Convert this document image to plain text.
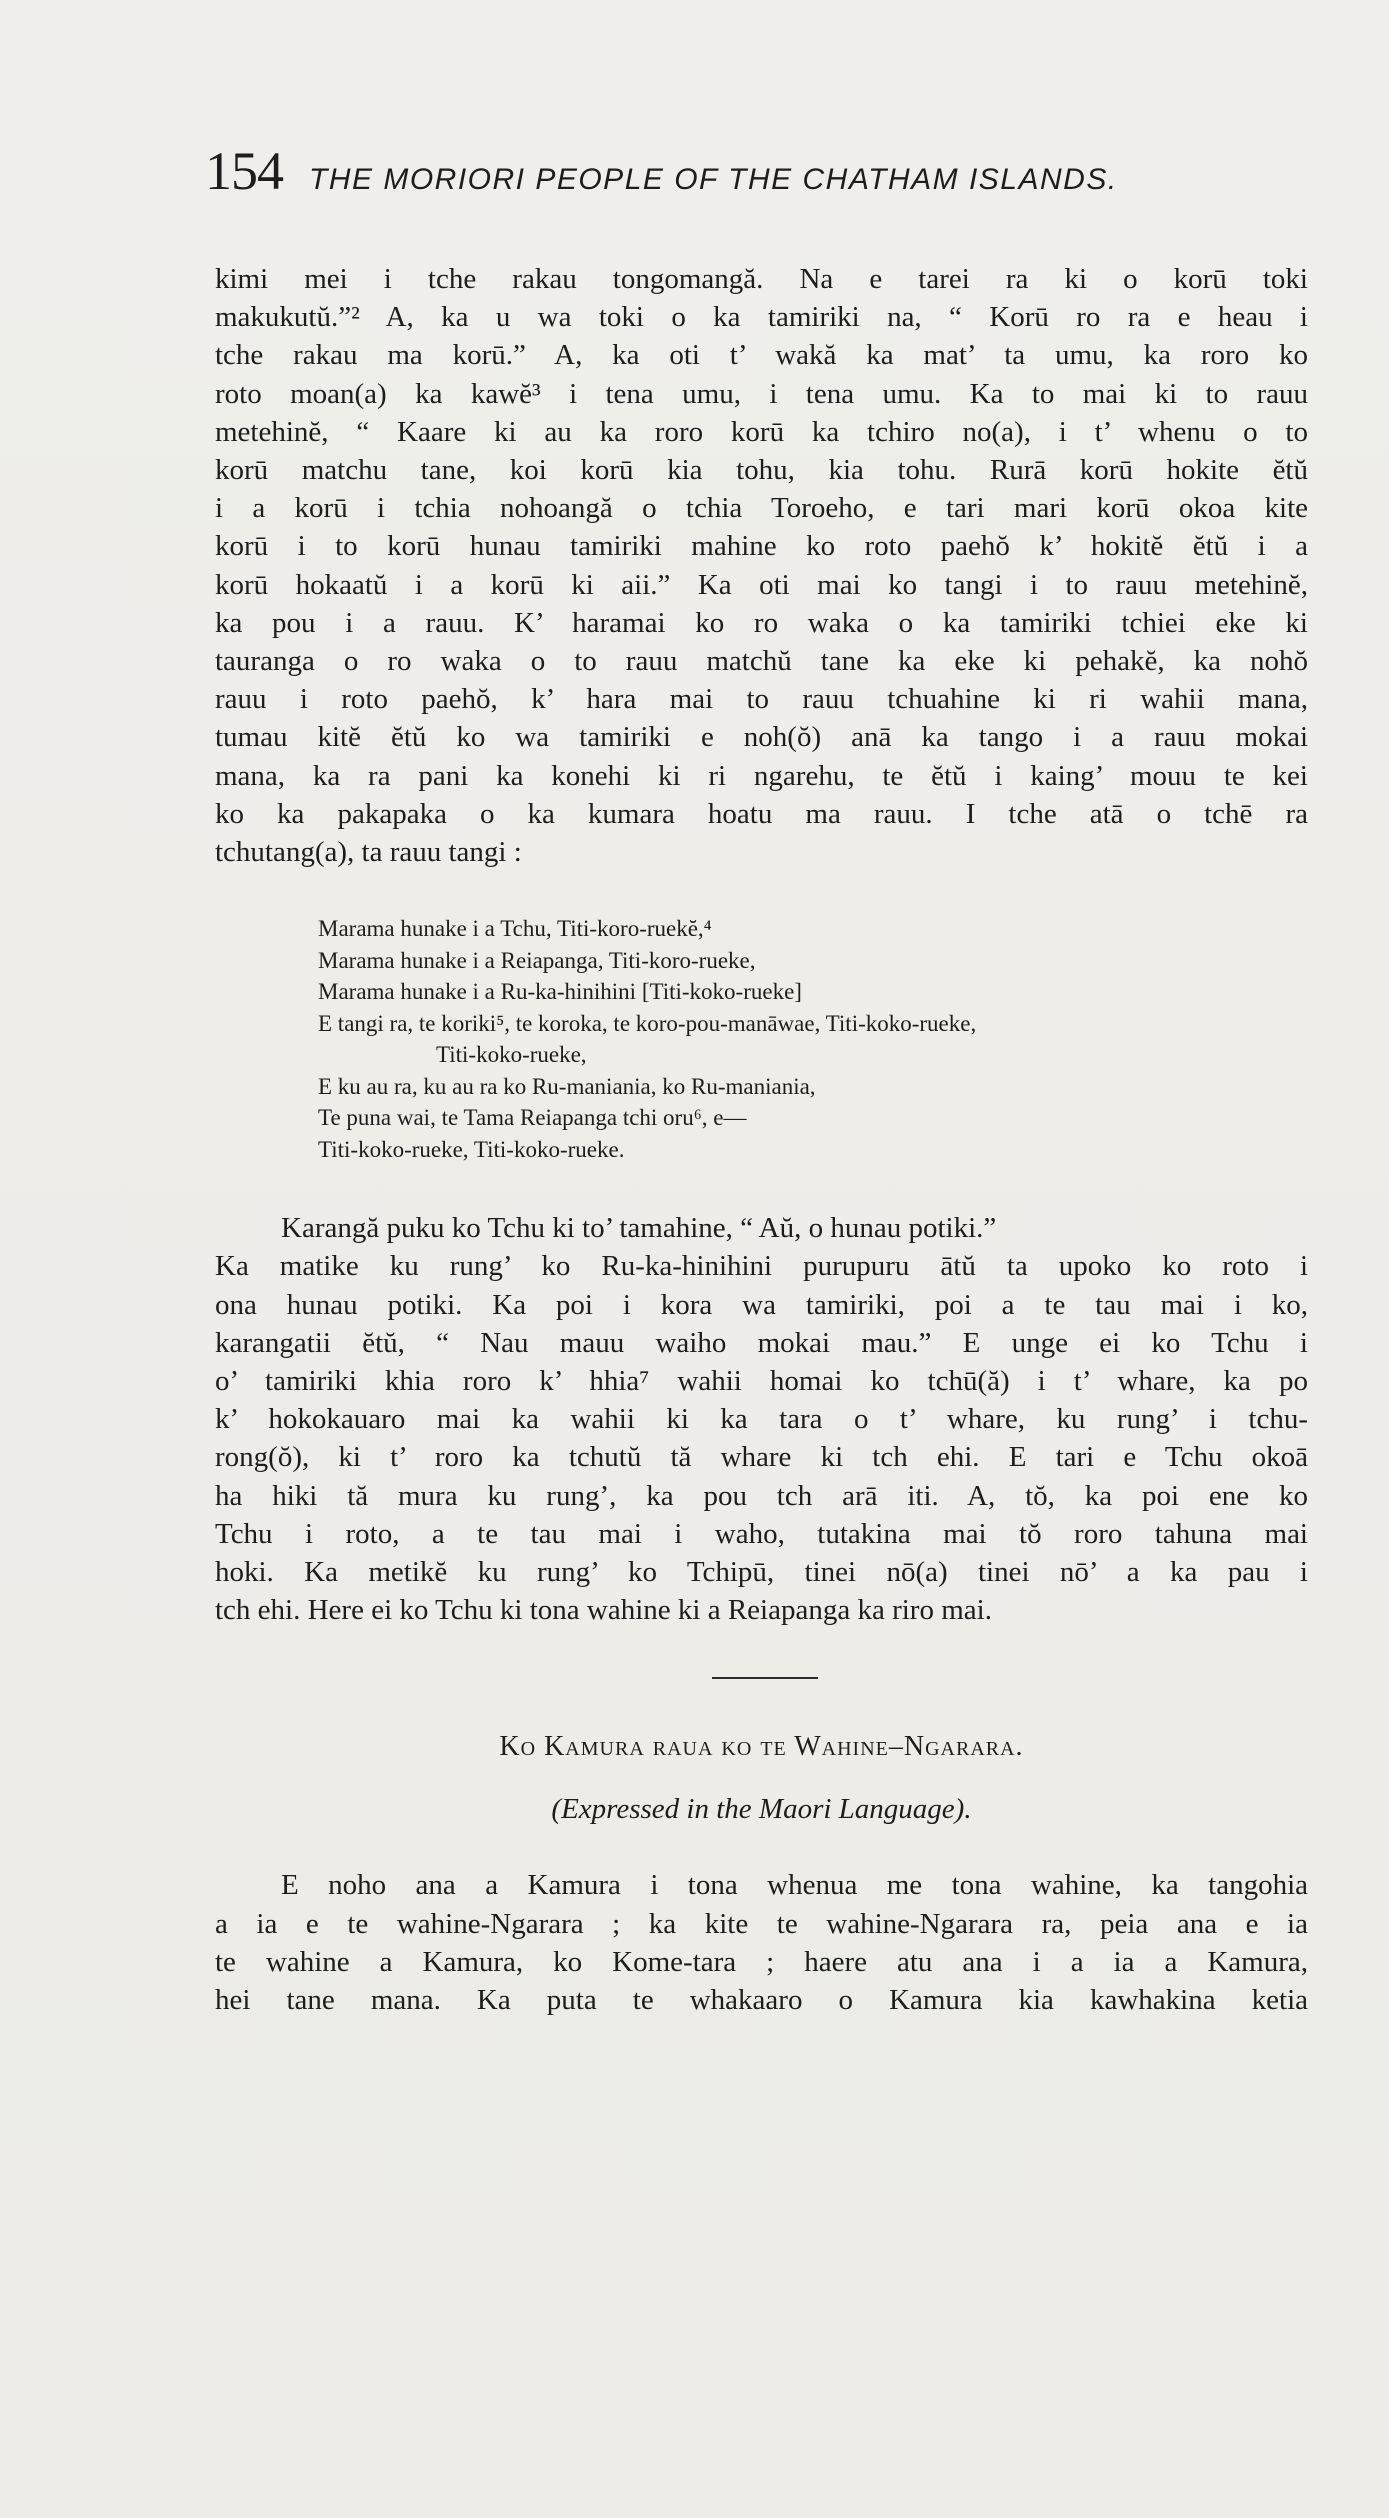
154 THE MORIORI PEOPLE OF THE CHATHAM ISLANDS.
kimi mei i tche rakau tongomangă. Na e tarei ra ki o korū toki
makukutŭ.”² A, ka u wa toki o ka tamiriki na, “ Korū ro ra e heau i
tche rakau ma korū.” A, ka oti t’ wakă ka mat’ ta umu, ka roro ko
roto moan(a) ka kawĕ³ i tena umu, i tena umu. Ka to mai ki to rauu
metehinĕ, “ Kaare ki au ka roro korū ka tchiro no(a), i t’ whenu o to
korū matchu tane, koi korū kia tohu, kia tohu. Rurā korū hokite ĕtŭ
i a korū i tchia nohoangă o tchia Toroeho, e tari mari korū okoa kite
korū i to korū hunau tamiriki mahine ko roto paehŏ k’ hokitĕ ĕtŭ i a
korū hokaatŭ i a korū ki aii.” Ka oti mai ko tangi i to rauu metehinĕ,
ka pou i a rauu. K’ haramai ko ro waka o ka tamiriki tchiei eke ki
tauranga o ro waka o to rauu matchŭ tane ka eke ki pehakĕ, ka nohŏ
rauu i roto paehŏ, k’ hara mai to rauu tchuahine ki ri wahii mana,
tumau kitĕ ĕtŭ ko wa tamiriki e noh(ŏ) anā ka tango i a rauu mokai
mana, ka ra pani ka konehi ki ri ngarehu, te ĕtŭ i kaing’ mouu te kei
ko ka pakapaka o ka kumara hoatu ma rauu. I tche atā o tchē ra
tchutang(a), ta rauu tangi :
Marama hunake i a Tchu, Titi-koro-ruekĕ,⁴
Marama hunake i a Reiapanga, Titi-koro-rueke,
Marama hunake i a Ru-ka-hinihini [Titi-koko-rueke]
E tangi ra, te koriki⁵, te koroka, te koro-pou-manāwae, Titi-koko-rueke,
Titi-koko-rueke,
E ku au ra, ku au ra ko Ru-maniania, ko Ru-maniania,
Te puna wai, te Tama Reiapanga tchi oru⁶, e—
Titi-koko-rueke, Titi-koko-rueke.
Karangă puku ko Tchu ki to’ tamahine, “ Aŭ, o hunau potiki.”
Ka matike ku rung’ ko Ru-ka-hinihini purupuru ātŭ ta upoko ko roto i
ona hunau potiki. Ka poi i kora wa tamiriki, poi a te tau mai i ko,
karangatii ĕtŭ, “ Nau mauu waiho mokai mau.” E unge ei ko Tchu i
o’ tamiriki khia roro k’ hhia⁷ wahii homai ko tchū(ă) i t’ whare, ka po
k’ hokokauaro mai ka wahii ki ka tara o t’ whare, ku rung’ i tchu-
rong(ŏ), ki t’ roro ka tchutŭ tă whare ki tch ehi. E tari e Tchu okoā
ha hiki tă mura ku rung’, ka pou tch arā iti. A, tŏ, ka poi ene ko
Tchu i roto, a te tau mai i waho, tutakina mai tŏ roro tahuna mai
hoki. Ka metikĕ ku rung’ ko Tchipū, tinei nō(a) tinei nō’ a ka pau i
tch ehi. Here ei ko Tchu ki tona wahine ki a Reiapanga ka riro mai.
Ko Kamura raua ko te Wahine–Ngarara.
(Expressed in the Maori Language).
E noho ana a Kamura i tona whenua me tona wahine, ka tangohia
a ia e te wahine-Ngarara ; ka kite te wahine-Ngarara ra, peia ana e ia
te wahine a Kamura, ko Kome-tara ; haere atu ana i a ia a Kamura,
hei tane mana. Ka puta te whakaaro o Kamura kia kawhakina ketia
